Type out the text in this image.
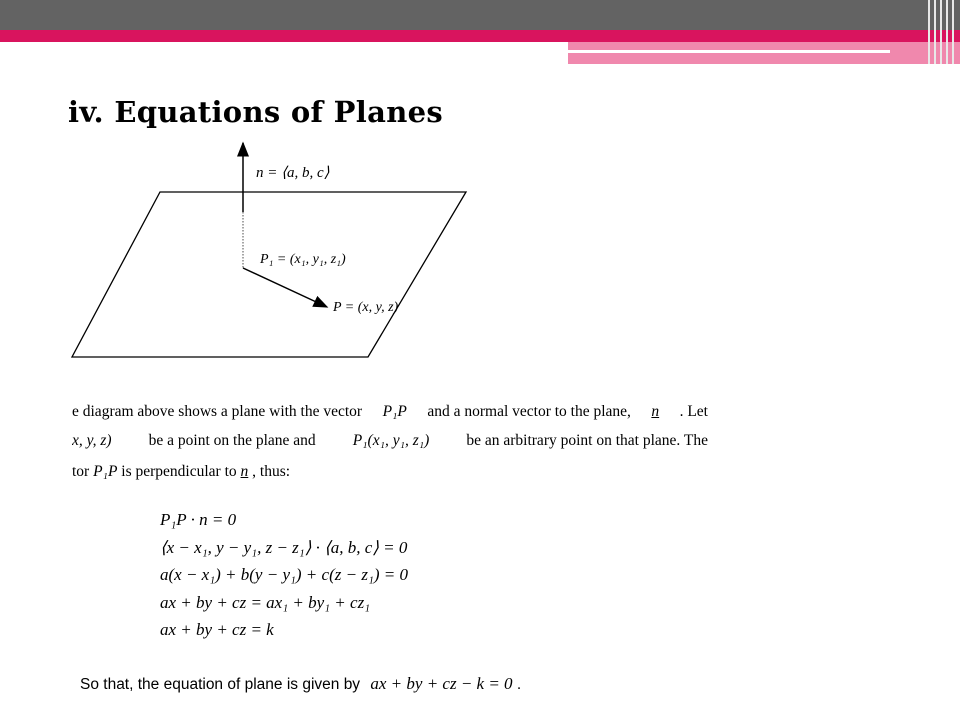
iv. Equations of Planes
n = ⟨a, b, c⟩
P₁ = (x₁, y₁, z₁)
P = (x, y, z)
e diagram above shows a plane with the vector P₁P and a normal vector to the plane, n . Let
x, y, z) be a point on the plane and P₁(x₁, y₁, z₁) be an arbitrary point on that plane. The
tor P₁P is perpendicular to n , thus:
P₁P · n = 0
⟨x − x₁, y − y₁, z − z₁⟩ · ⟨a, b, c⟩ = 0
a(x − x₁) + b(y − y₁) + c(z − z₁) = 0
ax + by + cz = ax₁ + by₁ + cz₁
ax + by + cz = k
So that, the equation of plane is given by ax + by + cz − k = 0 .
